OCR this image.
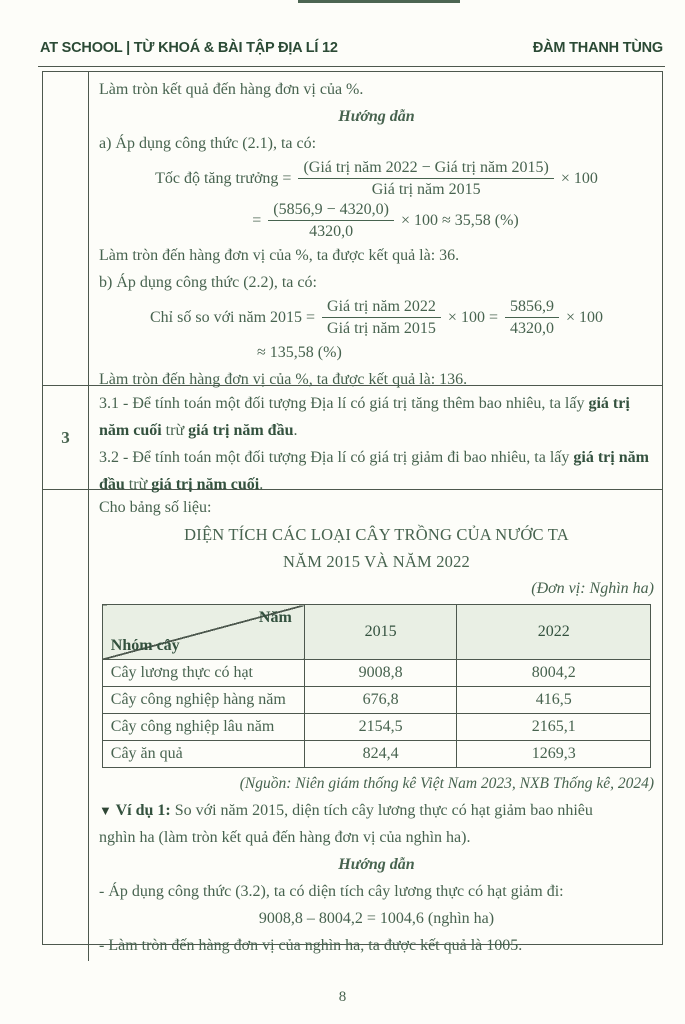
AT SCHOOL | TỪ KHOÁ & BÀI TẬP ĐỊA LÍ 12	ĐÀM THANH TÙNG

Làm tròn kết quả đến hàng đơn vị của %.

Hướng dẫn

a) Áp dụng công thức (2.1), ta có:

Tốc độ tăng trưởng = $\frac{\text{(Giá trị năm 2022 − Giá trị năm 2015)}}{\text{Giá trị năm 2015}} \times 100$
= $\frac{(5856,9 - 4320,0)}{4320,0} \times 100 \approx 35,58$ (%)

Làm tròn đến hàng đơn vị của %, ta được kết quả là: 36.

b) Áp dụng công thức (2.2), ta có:

Chỉ số so với năm $2015 = \frac{\text{Giá trị năm 2022}}{\text{Giá trị năm 2015}} \times 100 = \frac{5856,9}{4320,0} \times 100$

≈ 135,58 (%)

Làm tròn đến hàng đơn vị của %, ta được kết quả là: 136.

3

3.1 - Để tính toán một đối tượng Địa lí có giá trị tăng thêm bao nhiêu, ta lấy giá trị năm cuối trừ giá trị năm đầu.

3.2 - Để tính toán một đối tượng Địa lí có giá trị giảm đi bao nhiêu, ta lấy giá trị năm đầu trừ giá trị năm cuối.

Cho bảng số liệu:

DIỆN TÍCH CÁC LOẠI CÂY TRỒNG CỦA NƯỚC TA

NĂM 2015 VÀ NĂM 2022

(Đơn vị: Nghìn ha)

Năm
Nhóm cây	2015	2022
Cây lương thực có hạt	9008,8	8004,2
Cây công nghiệp hàng năm	676,8	416,5
Cây công nghiệp lâu năm	2154,5	2165,1
Cây ăn quả	824,4	1269,3

(Nguồn: Niên giám thống kê Việt Nam 2023, NXB Thống kê, 2024)

▼ Ví dụ 1: So với năm 2015, diện tích cây lương thực có hạt giảm bao nhiêu

nghìn ha (làm tròn kết quả đến hàng đơn vị của nghìn ha).

Hướng dẫn

- Áp dụng công thức (3.2), ta có diện tích cây lương thực có hạt giảm đi:

9008,8 – 8004,2 = 1004,6 (nghìn ha)

- Làm tròn đến hàng đơn vị của nghìn ha, ta được kết quả là 1005.

8
